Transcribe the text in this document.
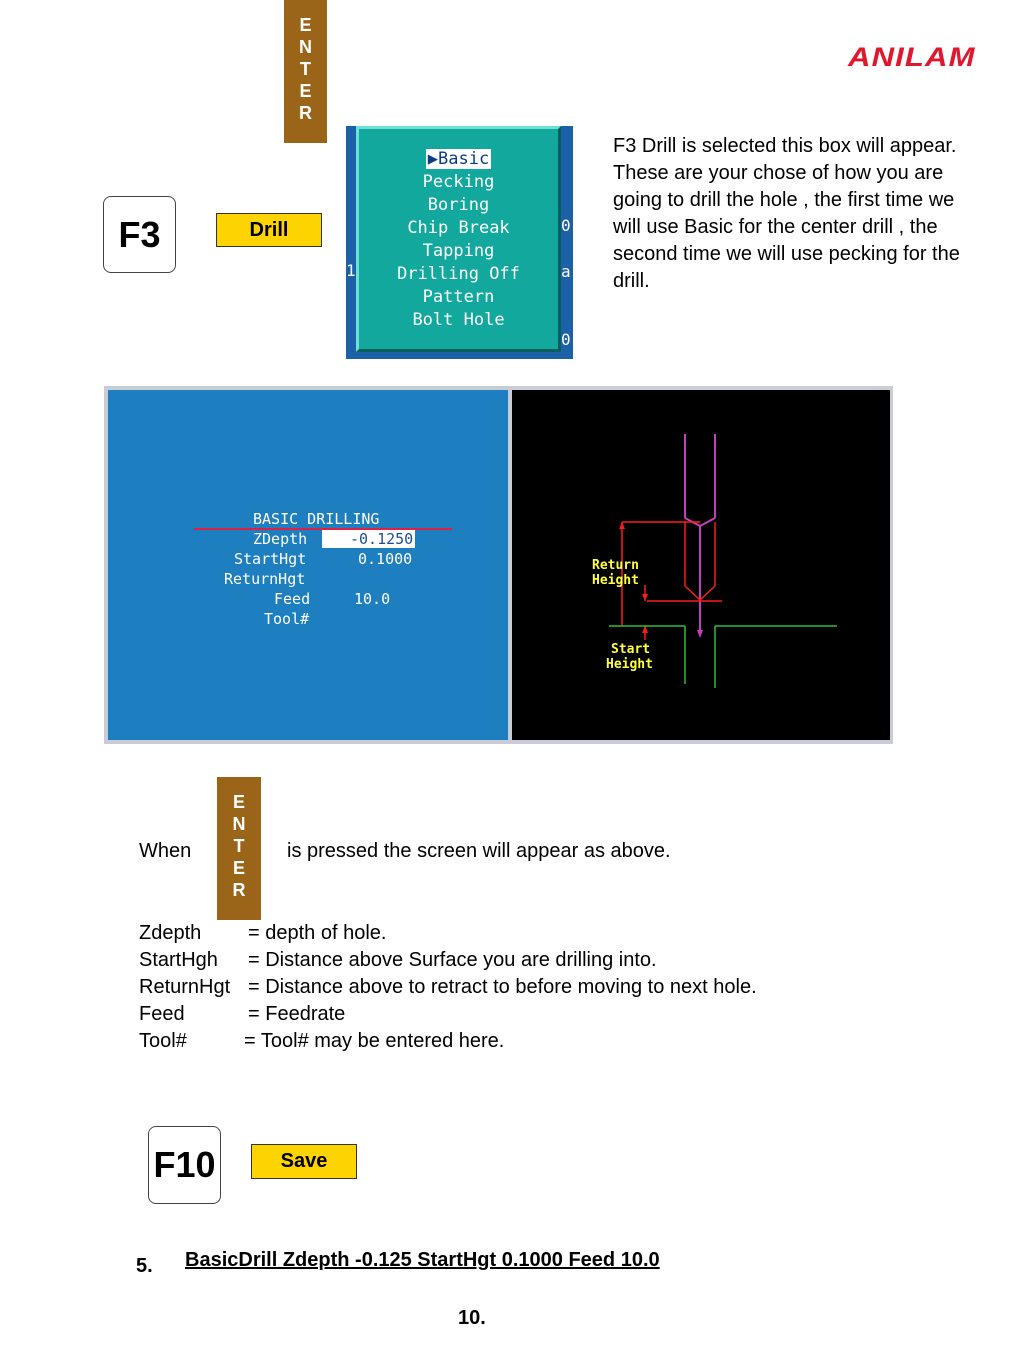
E
N
T
E
R
ANILAM
F3	Drill
▶Basic
Pecking
Boring
Chip Break
Tapping
Drilling Off
Pattern
Bolt Hole
1
0
a
0
F3 Drill is selected this box will appear.
These are your chose of how you are
going to drill the hole , the first time we
will use Basic for the center drill , the
second time we will use pecking for the
drill.
BASIC DRILLING
ZDepth	-0.1250
StartHgt	0.1000
ReturnHgt
Feed	10.0
Tool#
Return
Height
Start
Height
When
E
N
T
E
R
is pressed the screen will appear as above.
Zdepth = depth of hole.
StartHgh = Distance above Surface you are drilling into.
ReturnHgt = Distance above to retract to before moving to next hole.
Feed	= Feedrate
Tool#	= Tool# may be entered here.
F10	Save
5. BasicDrill Zdepth -0.125 StartHgt 0.1000 Feed 10.0
10.
